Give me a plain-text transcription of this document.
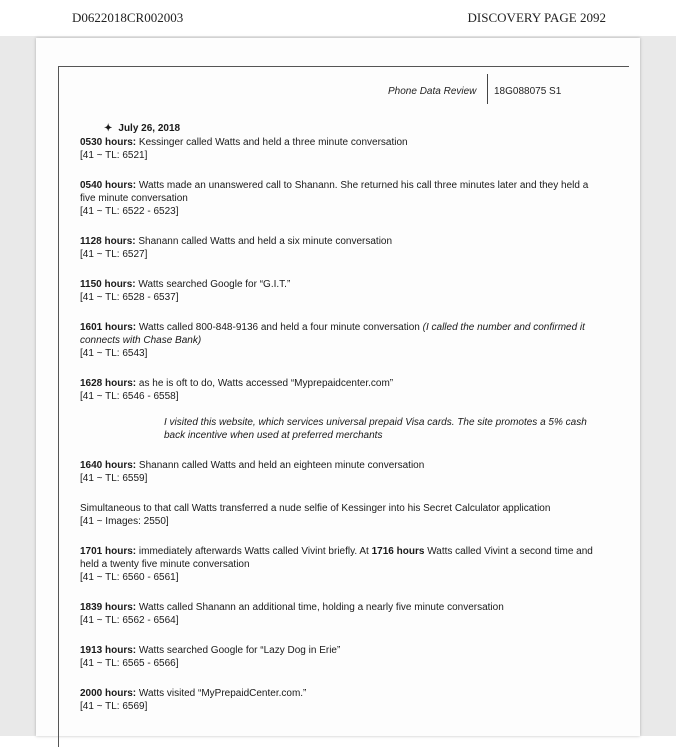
D0622018CR002003	DISCOVERY PAGE 2092
Phone Data Review 18G088075 S1

✦ July 26, 2018

0530 hours: Kessinger called Watts and held a three minute conversation

[41 ~ TL: 6521]

0540 hours: Watts made an unanswered call to Shanann. She returned his call three minutes later and they held a five minute conversation

[41 ~ TL: 6522 - 6523]

1128 hours: Shanann called Watts and held a six minute conversation

[41 ~ TL: 6527]

1150 hours: Watts searched Google for “G.I.T.”

[41 ~ TL: 6528 - 6537]

1601 hours: Watts called 800-848-9136 and held a four minute conversation (I called the number and confirmed it connects with Chase Bank)

[41 ~ TL: 6543]

1628 hours: as he is oft to do, Watts accessed “Myprepaidcenter.com”

[41 ~ TL: 6546 - 6558]

I visited this website, which services universal prepaid Visa cards. The site promotes a 5% cash back incentive when used at preferred merchants

1640 hours: Shanann called Watts and held an eighteen minute conversation

[41 ~ TL: 6559]

Simultaneous to that call Watts transferred a nude selfie of Kessinger into his Secret Calculator application

[41 ~ Images: 2550]

1701 hours: immediately afterwards Watts called Vivint briefly. At 1716 hours Watts called Vivint a second time and held a twenty five minute conversation

[41 ~ TL: 6560 - 6561]

1839 hours: Watts called Shanann an additional time, holding a nearly five minute conversation

[41 ~ TL: 6562 - 6564]

1913 hours: Watts searched Google for “Lazy Dog in Erie”

[41 ~ TL: 6565 - 6566]

2000 hours: Watts visited “MyPrepaidCenter.com.”

[41 ~ TL: 6569]
